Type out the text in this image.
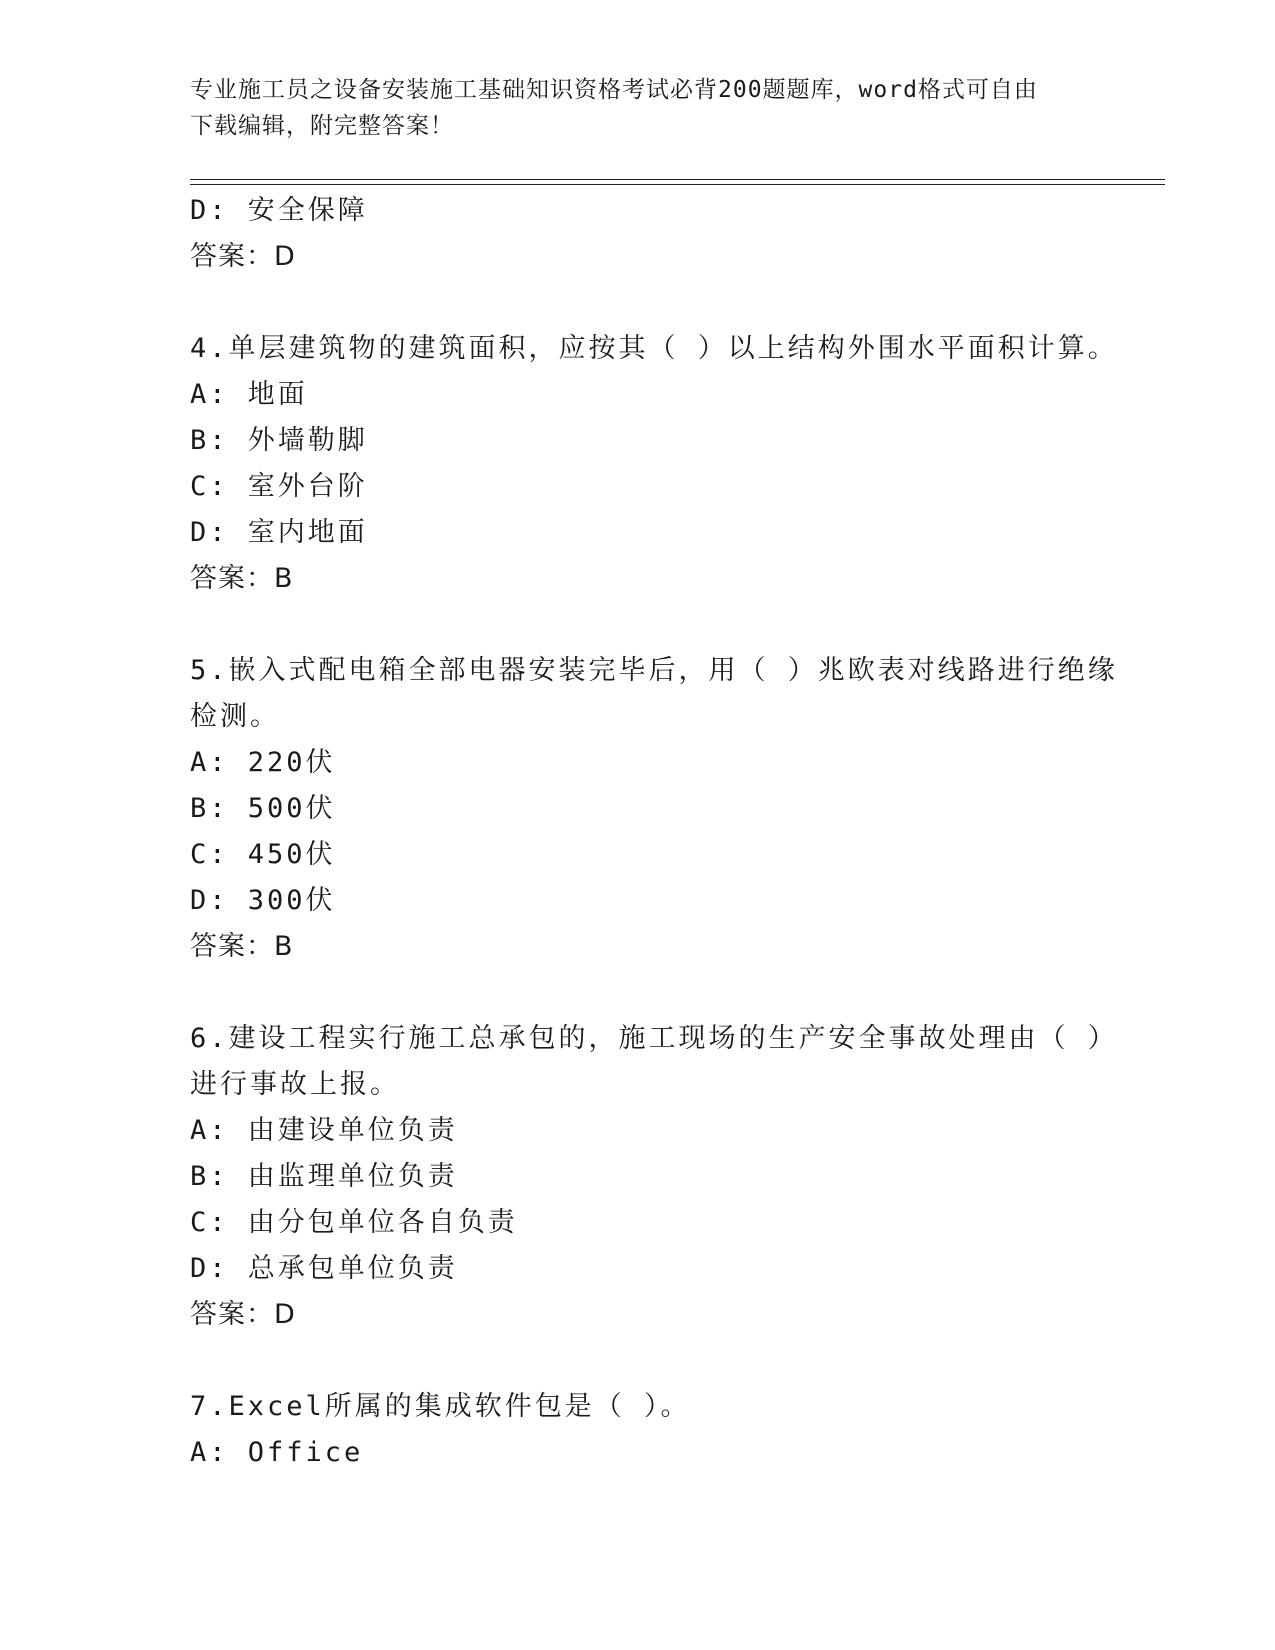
专业施工员之设备安装施工基础知识资格考试必背200题题库，word格式可自由
下载编辑，附完整答案！
D: 安全保障
答案：D
4.单层建筑物的建筑面积，应按其（ ）以上结构外围水平面积计算。
A: 地面
B: 外墙勒脚
C: 室外台阶
D: 室内地面
答案：B
5.嵌入式配电箱全部电器安装完毕后，用（ ）兆欧表对线路进行绝缘
检测。
A: 220伏
B: 500伏
C: 450伏
D: 300伏
答案：B
6.建设工程实行施工总承包的，施工现场的生产安全事故处理由（ ）
进行事故上报。
A: 由建设单位负责
B: 由监理单位负责
C: 由分包单位各自负责
D: 总承包单位负责
答案：D
7.Excel所属的集成软件包是（ ）。
A: Office
